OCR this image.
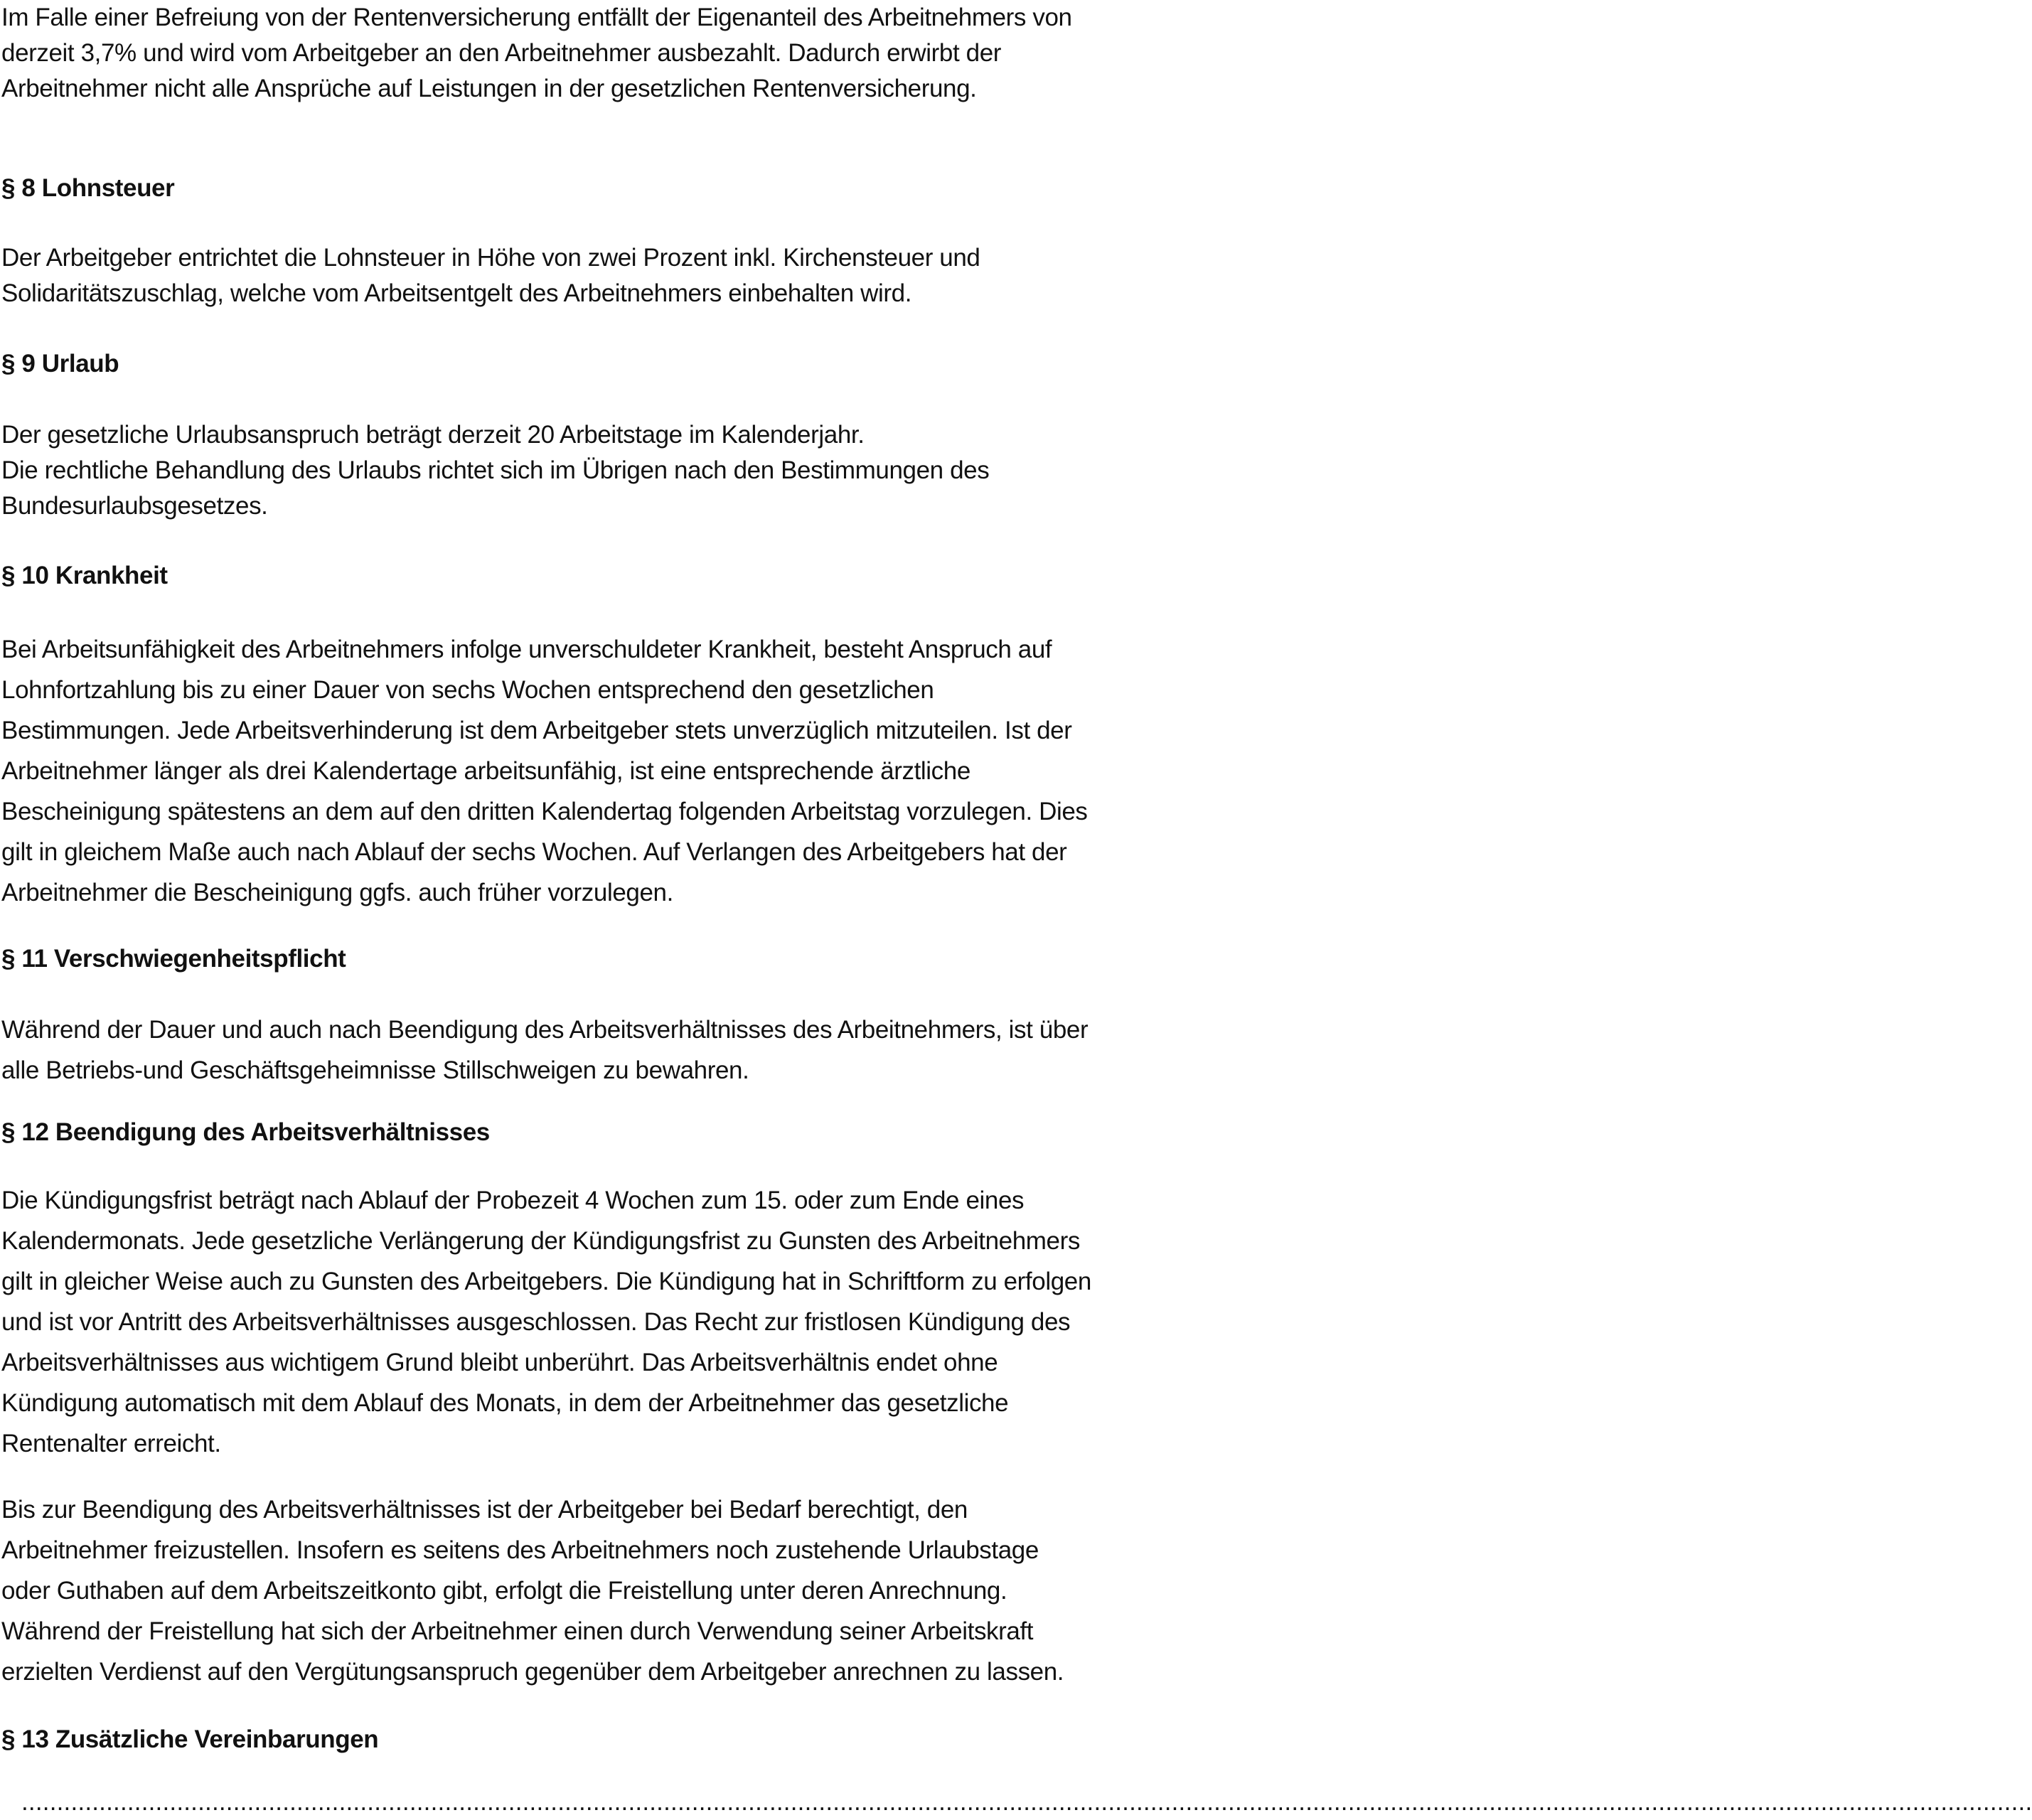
Im Falle einer Befreiung von der Rentenversicherung entfällt der Eigenanteil des Arbeitnehmers von
derzeit 3,7% und wird vom Arbeitgeber an den Arbeitnehmer ausbezahlt. Dadurch erwirbt der
Arbeitnehmer nicht alle Ansprüche auf Leistungen in der gesetzlichen Rentenversicherung.

§ 8 Lohnsteuer

Der Arbeitgeber entrichtet die Lohnsteuer in Höhe von zwei Prozent inkl. Kirchensteuer und
Solidaritätszuschlag, welche vom Arbeitsentgelt des Arbeitnehmers einbehalten wird.

§ 9 Urlaub

Der gesetzliche Urlaubsanspruch beträgt derzeit 20 Arbeitstage im Kalenderjahr.
Die rechtliche Behandlung des Urlaubs richtet sich im Übrigen nach den Bestimmungen des
Bundesurlaubsgesetzes.

§ 10 Krankheit

Bei Arbeitsunfähigkeit des Arbeitnehmers infolge unverschuldeter Krankheit, besteht Anspruch auf
Lohnfortzahlung bis zu einer Dauer von sechs Wochen entsprechend den gesetzlichen
Bestimmungen. Jede Arbeitsverhinderung ist dem Arbeitgeber stets unverzüglich mitzuteilen. Ist der
Arbeitnehmer länger als drei Kalendertage arbeitsunfähig, ist eine entsprechende ärztliche
Bescheinigung spätestens an dem auf den dritten Kalendertag folgenden Arbeitstag vorzulegen. Dies
gilt in gleichem Maße auch nach Ablauf der sechs Wochen. Auf Verlangen des Arbeitgebers hat der
Arbeitnehmer die Bescheinigung ggfs. auch früher vorzulegen.

§ 11 Verschwiegenheitspflicht

Während der Dauer und auch nach Beendigung des Arbeitsverhältnisses des Arbeitnehmers, ist über
alle Betriebs-und Geschäftsgeheimnisse Stillschweigen zu bewahren.

§ 12 Beendigung des Arbeitsverhältnisses

Die Kündigungsfrist beträgt nach Ablauf der Probezeit 4 Wochen zum 15. oder zum Ende eines
Kalendermonats. Jede gesetzliche Verlängerung der Kündigungsfrist zu Gunsten des Arbeitnehmers
gilt in gleicher Weise auch zu Gunsten des Arbeitgebers. Die Kündigung hat in Schriftform zu erfolgen
und ist vor Antritt des Arbeitsverhältnisses ausgeschlossen. Das Recht zur fristlosen Kündigung des
Arbeitsverhältnisses aus wichtigem Grund bleibt unberührt. Das Arbeitsverhältnis endet ohne
Kündigung automatisch mit dem Ablauf des Monats, in dem der Arbeitnehmer das gesetzliche
Rentenalter erreicht.

Bis zur Beendigung des Arbeitsverhältnisses ist der Arbeitgeber bei Bedarf berechtigt, den
Arbeitnehmer freizustellen. Insofern es seitens des Arbeitnehmers noch zustehende Urlaubstage
oder Guthaben auf dem Arbeitszeitkonto gibt, erfolgt die Freistellung unter deren Anrechnung.
Während der Freistellung hat sich der Arbeitnehmer einen durch Verwendung seiner Arbeitskraft
erzielten Verdienst auf den Vergütungsanspruch gegenüber dem Arbeitgeber anrechnen zu lassen.

§ 13 Zusätzliche Vereinbarungen

.............................................................................................................................................................................................................................................................................................
